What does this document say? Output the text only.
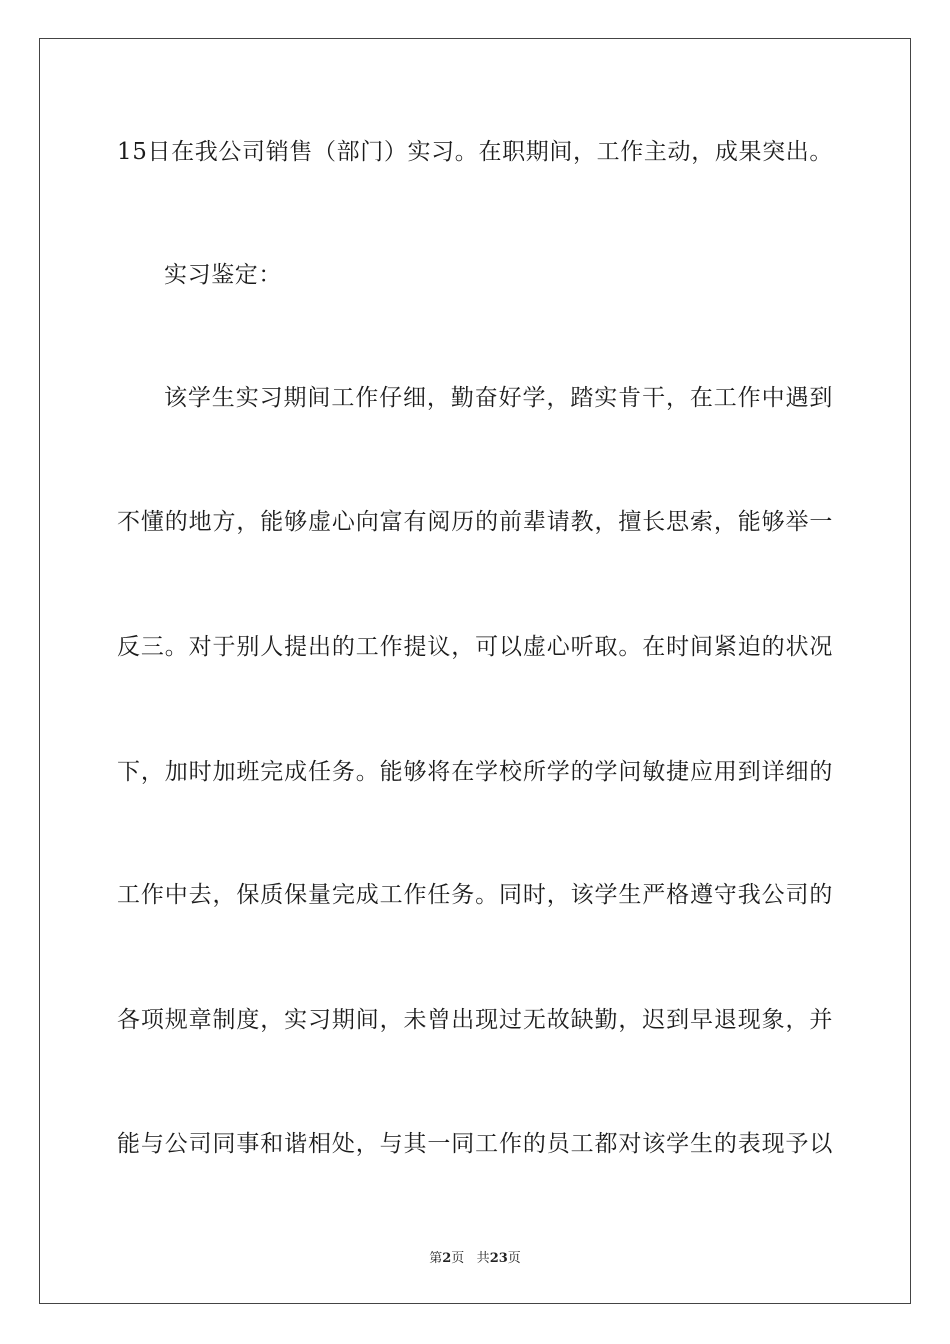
15日在我公司销售（部门）实习。在职期间，工作主动，成果突出。
实习鉴定：
该学生实习期间工作仔细，勤奋好学，踏实肯干，在工作中遇到
不懂的地方，能够虚心向富有阅历的前辈请教，擅长思索，能够举一
反三。对于别人提出的工作提议，可以虚心听取。在时间紧迫的状况
下，加时加班完成任务。能够将在学校所学的学问敏捷应用到详细的
工作中去，保质保量完成工作任务。同时，该学生严格遵守我公司的
各项规章制度，实习期间，未曾出现过无故缺勤，迟到早退现象，并
能与公司同事和谐相处，与其一同工作的员工都对该学生的表现予以
第2页 共23页
